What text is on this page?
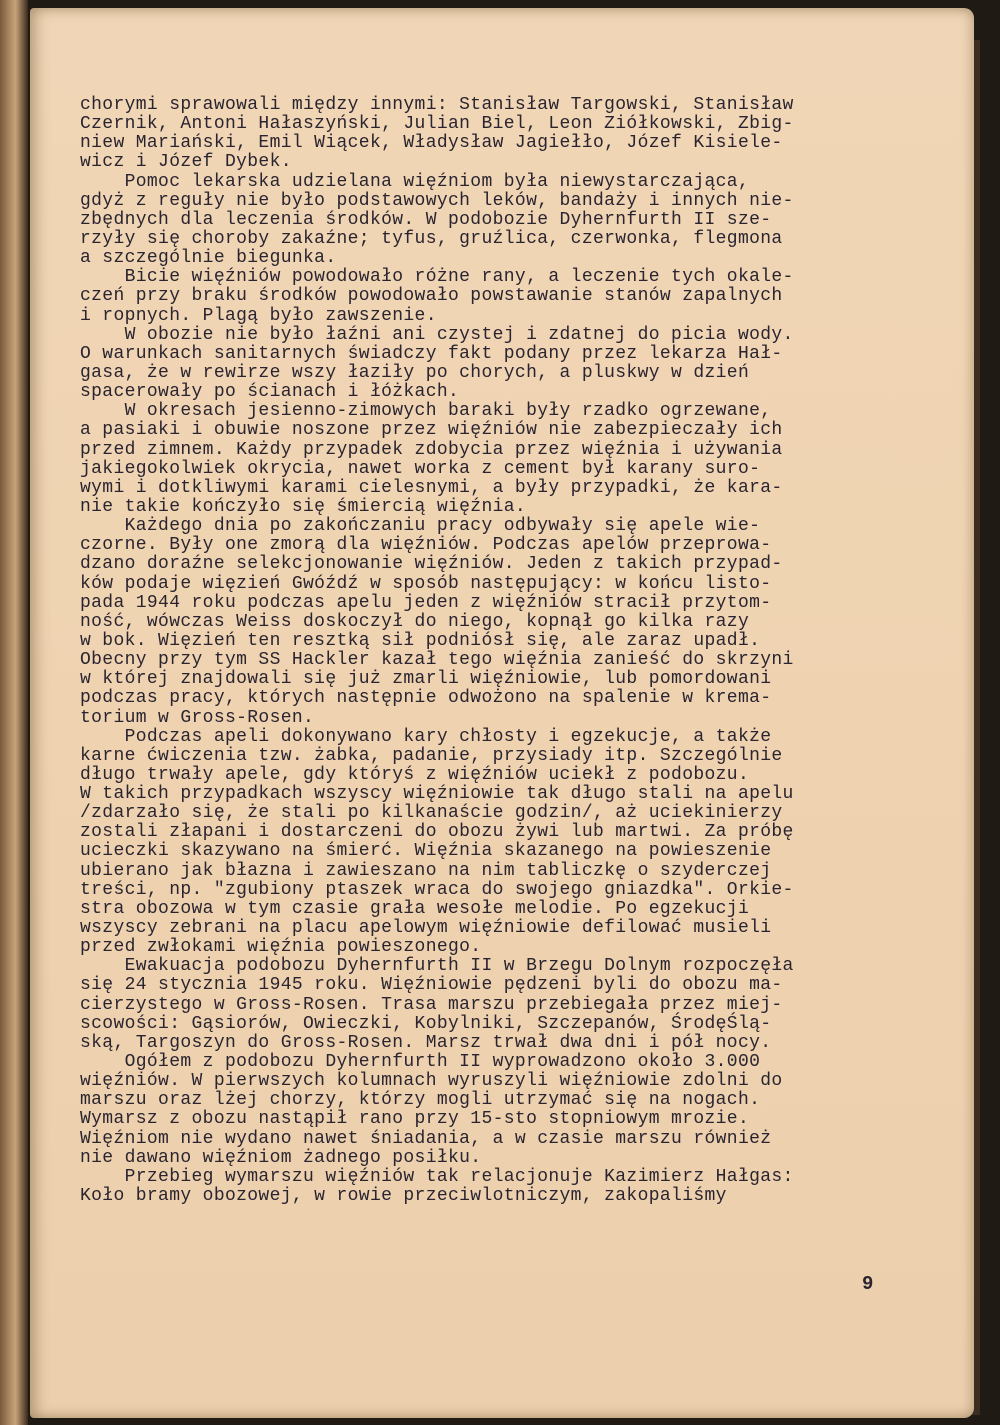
chorymi sprawowali między innymi: Stanisław Targowski, Stanisław
Czernik, Antoni Hałaszyński, Julian Biel, Leon Ziółkowski, Zbig-
niew Mariański, Emil Wiącek, Władysław Jagiełło, Józef Kisiele-
wicz i Józef Dybek.
Pomoc lekarska udzielana więźniom była niewystarczająca,
gdyż z reguły nie było podstawowych leków, bandaży i innych nie-
zbędnych dla leczenia środków. W podobozie Dyhernfurth II sze-
rzyły się choroby zakaźne; tyfus, gruźlica, czerwonka, flegmona
a szczególnie biegunka.
Bicie więźniów powodowało różne rany, a leczenie tych okale-
czeń przy braku środków powodowało powstawanie stanów zapalnych
i ropnych. Plagą było zawszenie.
W obozie nie było łaźni ani czystej i zdatnej do picia wody.
O warunkach sanitarnych świadczy fakt podany przez lekarza Hał-
gasa, że w rewirze wszy łaziły po chorych, a pluskwy w dzień
spacerowały po ścianach i łóżkach.
W okresach jesienno-zimowych baraki były rzadko ogrzewane,
a pasiaki i obuwie noszone przez więźniów nie zabezpieczały ich
przed zimnem. Każdy przypadek zdobycia przez więźnia i używania
jakiegokolwiek okrycia, nawet worka z cement był karany suro-
wymi i dotkliwymi karami cielesnymi, a były przypadki, że kara-
nie takie kończyło się śmiercią więźnia.
Każdego dnia po zakończaniu pracy odbywały się apele wie-
czorne. Były one zmorą dla więźniów. Podczas apelów przeprowa-
dzano doraźne selekcjonowanie więźniów. Jeden z takich przypad-
ków podaje więzień Gwóźdź w sposób następujący: w końcu listo-
pada 1944 roku podczas apelu jeden z więźniów stracił przytom-
ność, wówczas Weiss doskoczył do niego, kopnął go kilka razy
w bok. Więzień ten resztką sił podniósł się, ale zaraz upadł.
Obecny przy tym SS Hackler kazał tego więźnia zanieść do skrzyni
w której znajdowali się już zmarli więźniowie, lub pomordowani
podczas pracy, których następnie odwożono na spalenie w krema-
torium w Gross-Rosen.
Podczas apeli dokonywano kary chłosty i egzekucje, a także
karne ćwiczenia tzw. żabka, padanie, przysiady itp. Szczególnie
długo trwały apele, gdy któryś z więźniów uciekł z podobozu.
W takich przypadkach wszyscy więźniowie tak długo stali na apelu
/zdarzało się, że stali po kilkanaście godzin/, aż uciekinierzy
zostali złapani i dostarczeni do obozu żywi lub martwi. Za próbę
ucieczki skazywano na śmierć. Więźnia skazanego na powieszenie
ubierano jak błazna i zawieszano na nim tabliczkę o szyderczej
treści, np. "zgubiony ptaszek wraca do swojego gniazdka". Orkie-
stra obozowa w tym czasie grała wesołe melodie. Po egzekucji
wszyscy zebrani na placu apelowym więźniowie defilować musieli
przed zwłokami więźnia powieszonego.
Ewakuacja podobozu Dyhernfurth II w Brzegu Dolnym rozpoczęła
się 24 stycznia 1945 roku. Więźniowie pędzeni byli do obozu ma-
cierzystego w Gross-Rosen. Trasa marszu przebiegała przez miej-
scowości: Gąsiorów, Owieczki, Kobylniki, Szczepanów, ŚrodęŚlą-
ską, Targoszyn do Gross-Rosen. Marsz trwał dwa dni i pół nocy.
Ogółem z podobozu Dyhernfurth II wyprowadzono około 3.000
więźniów. W pierwszych kolumnach wyruszyli więźniowie zdolni do
marszu oraz lżej chorzy, którzy mogli utrzymać się na nogach.
Wymarsz z obozu nastąpił rano przy 15-sto stopniowym mrozie.
Więźniom nie wydano nawet śniadania, a w czasie marszu również
nie dawano więźniom żadnego posiłku.
Przebieg wymarszu więźniów tak relacjonuje Kazimierz Hałgas:
Koło bramy obozowej, w rowie przeciwlotniczym, zakopaliśmy
9
